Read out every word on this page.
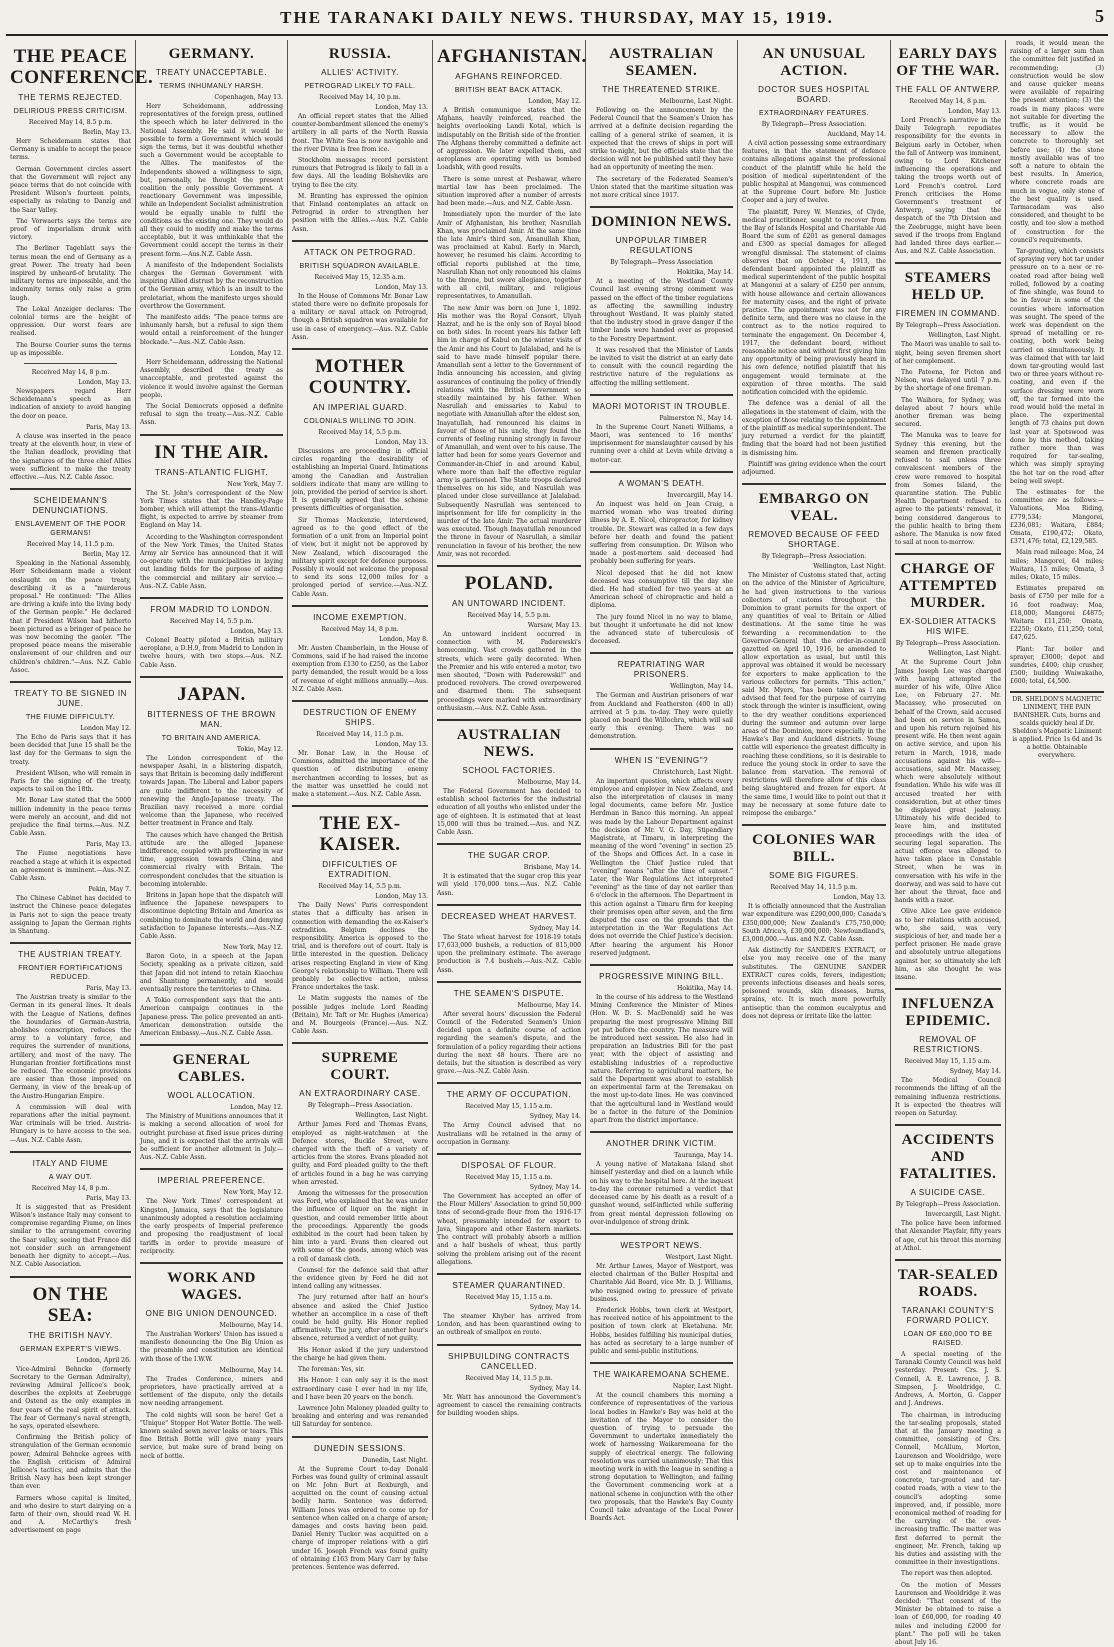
THE TARANAKI DAILY NEWS. THURSDAY, MAY 15, 1919.	5
THE PEACE CONFERENCE.
THE TERMS REJECTED.
DELIRIOUS PRESS CRITICISM.
Received May 14, 8.5 p.m.
Berlin, May 13.

Herr Scheidemann states that Germany is unable to accept the peace terms.

German Government circles assert that the Government will reject any peace terms that do not coincide with President Wilson's fourteen points, especially as relating to Danzig and the Saar Valley.

The Vorwaerts says the terms are proof of imperialism drunk with victory.

The Berliner Tageblatt says the terms mean the end of Germany as a great Power. The treaty had been inspired by unheard-of brutality. The military terms are impossible, and the indemnity terms only raise a grim laugh.

The Lokal Anzeiger declares: The colonial terms are the height of oppression. Our worst fears are realised.

The Bourse Courier sums the terms up as impossible.

Received May 14, 8 p.m.
London, May 13.

Newspapers regard Herr Scheidemann's speech as an indication of anxiety to avoid hanging the door on peace.

Paris, May 13.

A clause was inserted in the peace treaty at the eleventh hour, in view of the Italian deadlock, providing that the signatures of the three chief Allies were sufficient to make the treaty effective.—Aus. N.Z. Cable Assoc.

SCHEIDEMANN'S DENUNCIATIONS.
ENSLAVEMENT OF THE POOR GERMANS!
Received May 14, 11.5 p.m.
Berlin, May 12.

Speaking in the National Assembly, Herr Scheidemann made a violent onslaught on the peace treaty, describing it as a "murderous proposal." He continued: "The Allies are driving a knife into the living body of the German people." He declared that if President Wilson had hitherto been pictured as a bringer of peace he was now becoming the gaoler. "The proposed peace means the miserable enslavement of our children and our children's children."—Aus. N.Z. Cable Assoc.

TREATY TO BE SIGNED IN JUNE.
THE FIUME DIFFICULTY.
London May 12.

The Echo de Paris says that it has been decided that June 15 shall be the last day for the Germans to sign the treaty.

President Wilson, who will remain in Paris for the signing of the treaty, expects to sail on the 18th.

Mr. Bonar Law stated that the 5000 million indemnity in the peace terms were merely an account, and did not prejudice the final terms.—Aus. N.Z. Cable Assn.

Paris, May 13.

The Fiume negotiations have reached a stage at which it is expected an agreement is imminent.—Aus.-N.Z. Cable Assn.

Pekin, May 7.

The Chinese Cabinet has decided to instruct the Chinese peace delegates in Paris not to sign the peace treaty assigning to Japan the German rights in Shantung.

THE AUSTRIAN TREATY.
FRONTIER FORTIFICATIONS REDUCED.
Paris, May 13.

The Austrian treaty is similar to the German in its general lines. It deals with the League of Nations, defines the boundaries of German-Austria, abolishes conscription, reduces the army to a voluntary force, and requires the surrender of munitions, artillery, and most of the navy. The Hungarian frontier fortifications must be reduced. The economic provisions are easier than those imposed on Germany, in view of the break-up of the Austro-Hungarian Empire.

A commission will deal with reparations after the initial payment. War criminals will be tried. Austria-Hungary is to have access to the sea.—Aus. N.Z. Cable Assn.

ITALY AND FIUME
A WAY OUT.
Received May 14, 8 p.m.
Paris, May 13.

It is suggested that as President Wilson's instance Italy may consent to compromise regarding Fiume, on lines similar to the arrangement covering the Saar valley, seeing that France did not consider such an arrangement beneath her dignity to accept.—Aus. N.Z. Cable Association.

ON THE SEA:
THE BRITISH NAVY.
GERMAN EXPERT'S VIEWS.
London, April 26.

Vice-Admiral Behncke (formerly Secretary to the German Admiralty), reviewing Admiral Jellicoe's book, describes the exploits at Zeebrugge and Ostend as the only examples in four years of the real spirit of attack. The fear of Germany's naval strength, he says, operated elsewhere.

Confirming the British policy of strangulation of the German economic power, Admiral Behncke agrees with the English criticism of Admiral Jellicoe's tactics, and admits that the British Navy has been kept stronger than ever.

Farmers whose capital is limited, and who desire to start dairying on a farm of their own, should read W. H. and A. McCarthy's fresh advertisement on page

GERMANY.
TREATY UNACCEPTABLE.
TERMS INHUMANLY HARSH.
Copenhagen, May 13.

Herr Scheidemann, addressing representatives of the foreign press, outlined the speech which he later delivered in the National Assembly. He said it would be possible to form a Government which would sign the terms, but it was doubtful whether such a Government would be acceptable to the Allies. The manifestos of the Independents showed a willingness to sign, but, personally, he thought the present coalition the only possible Government. A reactionary Government was impossible, while an Independent Socialist administration would be equally unable to fulfil the conditions as the existing one. They would do all they could to modify and make the terms acceptable, but it was unthinkable that the Government could accept the terms in their present form.—Aus.N.Z. Cable Assn.

A manifesto of the Independent Socialists charges the German Government with inspiring Allied distrust by the reconstruction of the German army, which is an insult to the proletariat, whom the manifesto urges should overthrow the Government.

The manifesto adds: "The peace terms are inhumanly harsh, but a refusal to sign them would entail a reinforcement of the hunger blockade."—Aus.-N.Z. Cable Assn.

London, May 12.

Herr Scheidemann, addressing the National Assembly, described the treaty as unacceptable, and protested against the violence it would involve against the German people.

The Social Democrats opposed a definite refusal to sign the treaty.—Aus.-N.Z. Cable Assn.

IN THE AIR.
TRANS-ATLANTIC FLIGHT.
New York, May 7.

The St. John's correspondent of the New York Times states that the Handley-Page bomber, which will attempt the trans-Atlantic flight, is expected to arrive by steamer from England on May 14.

According to the Washington correspondent of the New York Times, the United States Army air Service has announced that it will co-operate with the municipalities in laying out landing fields for the purpose of aiding the commercial and military air service.—Aus.-N.Z. Cable Assn.

FROM MADRID TO LONDON.
Received May 14, 5.5 p.m.
London, May 13.

Colonel Beatty piloted a British military aeroplane, a D.H.9, from Madrid to London in twelve hours, with two stops.—Aus. N.Z. Cable Assn.

JAPAN.
BITTERNESS OF THE BROWN MAN.
TO BRITAIN AND AMERICA.
Tokio, May 12.

The London correspondent of the newspaper Asahi, in a blistering dispatch, says that Britain is becoming daily indifferent towards Japan. The Liberal and Labor papers are quite indifferent to the necessity of renewing the Anglo-Japanese treaty. The Brazilian navy received a more cordial welcome than the Japanese, who received better treatment in France and Italy.

The causes which have changed the British attitude are the alleged Japanese indifference, coupled with profiteering in war time, aggression towards China, and commercial rivalry with Britain. The correspondent concludes that the situation is becoming intolerable.

Britons in Japan hope that the dispatch will influence the Japanese newspapers to discontinue depicting Britain and America as combining to dominate the world and denying satisfaction to Japanese interests.—Aus.-N.Z. Cable Assn.

New York, May 12.

Baron Goto, in a speech at the Japan Society, speaking as a private citizen, said that Japan did not intend to retain Kiaochau and Shantung permanently, and would eventually restore the territories to China.

A Tokio correspondent says that the anti-American campaign continues in the Japanese press. The police prevented an anti-American demonstration outside the American Embassy.—Aus.-N.Z. Cable Assn.

GENERAL CABLES.
WOOL ALLOCATION.
London, May 12.

The Ministry of Munitions announces that it is making a second allocation of wool for outright purchase at fixed issue prices during June, and it is expected that the arrivals will be sufficient for another allotment in July.—Aus.-N.Z. Cable Assn.

IMPERIAL PREFERENCE.
New York, May 12.

The New York Times' correspondent at Kingston, Jamaica, says that the legislature unanimously adopted a resolution acclaiming the early prospects of Imperial preference and proposing the readjustment of local tariffs in order to provide measure of reciprocity.

WORK AND WAGES.
ONE BIG UNION DENOUNCED.
Melbourne, May 14.

The Australian Workers' Union has issued a manifesto denouncing the One Big Union as the preamble and constitution are identical with those of the I.W.W.

Melbourne, May 14.

The Trades Conference, miners and proprietors, have practically arrived at a settlement of the dispute, only the details now needing arrangement.

The cold nights will soon be here! Get a "Unique" Stopper Hot Water Bottle. The well-known sealed sewn never leaks or tears. This fine British Bottle will give many years service, but make sure of brand being on neck of bottle.

RUSSIA.
ALLIES' ACTIVITY.
PETROGRAD LIKELY TO FALL.
Received May 14, 10 p.m.
London, May 13.

An official report states that the Allied counter-bombardment silenced the enemy's artillery in all parts of the North Russia front. The White Sea is now navigable and the river Dvina is free from ice.

Stockholm messages record persistent rumours that Petrograd is likely to fall in a few days. All the leading Bolsheviks are trying to flee the city.

M. Branting has expressed the opinion that Finland contemplates an attack on Petrograd in order to strengthen her position with the Allies.—Aus. N.Z. Cable Assn.

ATTACK ON PETROGRAD.
BRITISH SQUADRON AVAILABLE.
Received May 15, 12.35 a.m.
London, May 13.

In the House of Commons Mr. Bonar Law stated there were no definite proposals for a military or naval attack on Petrograd, though a British squadron was available for use in case of emergency.—Aus. N.Z. Cable Assn.

MOTHER COUNTRY.
AN IMPERIAL GUARD.
COLONIALS WILLING TO JOIN.
Received May 14, 5.5 p.m.
London, May 13.

Discussions are proceeding in official circles regarding the desirability of establishing an Imperial Guard. Intimations among the Canadian and Australian soldiers indicate that many are willing to join, provided the period of service is short. It is generally agreed that the scheme presents difficulties of organisation.

Sir Thomas Mackenzie, interviewed, agreed as to the good effect of the formation of a unit from an Imperial point of view, but it might not be approved by New Zealand, which discouraged the military spirit except for defence purposes. Possibly it would not welcome the proposal to send its sons 12,000 miles for a prolonged period of service.—Aus.-N.Z. Cable Assn.

INCOME EXEMPTION.
Received May 14, 8 p.m.
London, May 8.

Mr. Austen Chamberlain, in the House of Commons, said if he had raised the income exemption from £130 to £250, as the Labor party demanded, the result would be a loss of revenue of eight millions annually.—Aus. N.Z. Cable Assn.

DESTRUCTION OF ENEMY SHIPS.
Received May 14, 11.5 p.m.
London, May 13.

Mr. Bonar Law, in the House of Commons, admitted the importance of the question of distributing enemy merchantmen according to losses, but as the matter was unsettled he could not make a statement.—Aus. N.Z. Cable Assn.

THE EX-KAISER.
DIFFICULTIES OF EXTRADITION.
Received May 14, 5.5 p.m.
London, May 13.

The Daily News' Paris correspondent states that a difficulty has arisen in connection with demanding the ex-Kaiser's extradition. Belgium declines the responsibility. America is opposed to the trial, and is therefore out of court. Italy is little interested in the question. Delicacy arises respecting England in view of King George's relationship to William. There will probably be collective action, unless France undertakes the task.

Le Matin suggests the names of the possible judges include Lord Reading (Britain), Mr. Taft or Mr. Hughes (America) and M. Bourgeois (France).—Aus. N.Z. Cable Assn.

SUPREME COURT.
AN EXTRAORDINARY CASE.
By Telegraph—Press Association.
Wellington, Last Night.

Arthur James Ford and Thomas Evans, employed as night-watchmen at the Defence stores, Buckle Street, were charged with the theft of a variety of articles from the stores. Evans pleaded not guilty, and Ford pleaded guilty to the theft of articles found in a bag he was carrying when arrested.

Among the witnesses for the prosecution was Ford, who explained that he was under the influence of liquor on the night in question, and could remember little about the proceedings. Apparently the goods exhibited in the court had been taken by him into a yard. Evans then cleared out with some of the goods, among which was a roll of damask cloth.

Counsel for the defence said that after the evidence given by Ford he did not intend calling any witnesses.

The jury returned after half an hour's absence and asked the Chief Justice whether an accomplice in a case of theft could be held guilty. His Honor replied affirmatively. The jury, after another hour's absence, returned a verdict of not guilty.

His Honor asked if the jury understood the charge he had given them.

The foreman: Yes, sir.

His Honor: I can only say it is the most extraordinary case I ever had in my life, and I have been 20 years on the bench.

Lawrence John Maloney pleaded guilty to breaking and entering and was remanded till Saturday for sentence.

DUNEDIN SESSIONS.
Dunedin, Last Night.

At the Supreme Court to-day Donald Forbes was found guilty of criminal assault on Mr. John Burt at Roxburgh, and acquitted on the count of causing actual bodily harm. Sentence was deferred. William Jones was ordered to come up for sentence when called on a charge of arson; damages and costs having been paid. Daniel Henry Tucker was acquitted on a charge of improper relations with a girl under 16. Joseph French was found guilty of obtaining £163 from Mary Carr by false pretences. Sentence was deferred.

AFGHANISTAN.
AFGHANS REINFORCED.
BRITISH BEAT BACK ATTACK.
London, May 12.

A British communique states that the Afghans, heavily reinforced, reached the heights overlooking Landi Kotal, which is indisputably on the British side of the frontier. The Afghans thereby committed a definite act of aggression. We later expelled them, and aeroplanes are operating with us bombed Loadshk, with good results.

There is some unrest at Peshawar, where martial law has been proclaimed. The situation improved after a number of arrests had been made.—Aus. and N.Z. Cable Assn.

Immediately upon the murder of the late Amir of Afghanistan, his brother, Nasrullah Khan, was proclaimed Amir. At the same time the late Amir's third son, Amanullah Khan, was proclaimed at Kabul. Early in March, however, he resumed his claim. According to official reports published at the time, Nasrullah Khan not only renounced his claims to the throne, but swore allegiance, together with all civil, military, and religious representatives, to Amanullah.

The new Amir was born on June 1, 1892. His mother was the Royal Consort, Ulyah Hazrat, and he is the only son of Royal blood on both sides. In recent years his father left him in charge of Kabul on the winter visits of the Amir and his Court to Jalalabad, and he is said to have made himself popular there. Amanullah sent a letter to the Government of India announcing his accession, and giving assurances of continuing the policy of friendly relations with the British Government so steadily maintained by his father. When Nasrullah and emissaries to Kabul to negotiate with Amanullah after the eldest son, Inayatullah, had renounced his claims in favour of those of his uncle, they found the currents of feeling running strongly in favour of Amanullah, and went over to his cause. The latter had been for some years Governor and Commander-in-Chief in and around Kabul, where more than half the effective regular army is garrisoned. The State troops declared themselves on his side, and Nasrullah was placed under close surveillance at Jalalabad. Subsequently Nasrullah was sentenced to imprisonment for life for complicity in the murder of the late Amir. The actual murderer was executed. Though Inayatullah renounced the throne in favour of Nasrullah, a similar renunciation in favour of his brother, the new Amir, was not recorded.

POLAND.
AN UNTOWARD INCIDENT.
Received May 14, 5.5 p.m.
Warsaw, May 13.

An untoward incident occurred in connection with M. Paderewski's homecoming. Vast crowds gathered in the streets, which were gaily decorated. When the Premier and his wife entered a motor, two men shouted, "Down with Paderewski!" and produced revolvers. The crowd overpowered and disarmed them. The subsequent proceedings were marked with extraordinary enthusiasm.—Aus. N.Z. Cable Assn.

AUSTRALIAN NEWS.
SCHOOL FACTORIES.
Melbourne, May 14.

The Federal Government has decided to establish school factories for the industrial education of all youths who enlisted under the age of eighteen. It is estimated that at least 15,000 will thus be trained.—Aus. and N.Z. Cable Assn.

THE SUGAR CROP.
Brisbane, May 14.

It is estimated that the sugar crop this year will yield 170,000 tons.—Aus. N.Z. Cable Assn.

DECREASED WHEAT HARVEST.
Sydney, May 14.

The State wheat harvest for 1918-19 totals 17,633,000 bushels, a reduction of 815,000 upon the preliminary estimate. The average production is 7.4 bushels.—Aus.-N.Z. Cable Assn.

THE SEAMEN'S DISPUTE.
Melbourne, May 14.

After several hours' discussion the Federal Council of the Federated Seamen's Union decided upon a definite course of action regarding the seamen's dispute, and the formulation of a policy regarding their actions during the next 48 hours. There are no details, but the situation is described as very grave.—Aus.-N.Z. Cable Assn.

THE ARMY OF OCCUPATION.
Received May 15, 1.15 a.m.
Sydney, May 14.

The Army Council advised that no Australians will be retained in the army of occupation in Germany.

DISPOSAL OF FLOUR.
Received May 15, 1.15 a.m.
Sydney, May 14.

The Government has accepted an offer of the Flour Millers' Association to grind 50,000 tons of second-grade flour from the 1916-17 wheat, presumably intended for export to Java, Singapore and other Eastern markets. The contract will probably absorb a million and a half bushels of wheat, thus partly solving the problem arising out of the recent allegations.

STEAMER QUARANTINED.
Received May 15, 1.15 a.m.
Sydney, May 14.

The steamer Khyber has arrived from London, and has been quarantined owing to an outbreak of smallpox en route.

SHIPBUILDING CONTRACTS CANCELLED.
Received May 14, 11.5 p.m.
Sydney, May 14.

Mr. Watt has announced the Government's agreement to cancel the remaining contracts for building wooden ships.

AUSTRALIAN SEAMEN.
THE THREATENED STRIKE.
Melbourne, Last Night.

Following on the announcement by the Federal Council that the Seamen's Union has arrived at a definite decision regarding the calling of a general strike of seamen, it is expected that the crews of ships in port will strike to-night, but the officials state that the decision will not be published until they have had an opportunity of meeting the men.

The secretary of the Federated Seamen's Union stated that the maritime situation was not more critical since 1917.

DOMINION NEWS.
UNPOPULAR TIMBER REGULATIONS
By Telegraph—Press Association
Hokitika, May 14.

At a meeting of the Westland County Council last evening strong comment was passed on the effect of the timber regulations as affecting the sawmilling industry throughout Westland. It was plainly stated that the industry stood in grave danger if the timber lands were handed over as proposed to the Forestry Department.

It was resolved that the Minister of Lands be invited to visit the district at an early date to consult with the council regarding the restrictive nature of the regulations as affecting the milling settlement.

MAORI MOTORIST IN TROUBLE.
Palmerston N., May 14.

In the Supreme Court Naneti Williams, a Maori, was sentenced to 16 months' imprisonment for manslaughter caused by his running over a child at Levin while driving a motor-car.

A WOMAN'S DEATH.
Invercargill, May 14.

An inquest was held on Jean Craig, a married woman who was treated during illness by A. E. Nicol, chiropractor, for kidney trouble. Dr. Stewart was called in a few days before her death and found the patient suffering from consumption. Dr. Wilson who made a post-mortem said deceased had probably been suffering for years.

Nicol deposed that he did not know deceased was consumptive till the day she died. He had studied for two years at an American school of chiropractic and held a diploma.

The jury found Nicol in no way to blame, but thought it unfortunate he did not know the advanced state of tuberculosis of deceased.

REPATRIATING WAR PRISONERS.
Wellington, May 14.

The German and Austrian prisoners of war from Auckland and Featherston (400 in all) arrived at 5 p.m. to-day. They were quietly placed on board the Willochra, which will sail early this evening. There was no demonstration.

WHEN IS "EVENING"?
Christchurch, Last Night.

An important question, which affects every employee and employer in New Zealand, and also the interpretation of clauses in many legal documents, came before Mr. Justice Herdman in Banco this morning. An appeal was made by the Labour Department against the decision of Mr. V. G. Day, Stipendiary Magistrate, at Timaru, in interpreting the meaning of the word "evening" in section 25 of the Shops and Offices Act. In a case in Wellington the Chief Justice ruled that "evening" means "after the time of sunset." Later, the War Regulations Act interpreted "evening" as the time of day not earlier than 6 o'clock in the afternoon. The Department in this action against a Timaru firm for keeping their premises open after seven, and the firm disputed the case on the grounds that the interpretation in the War Regulations Act does not override the Chief Justice's decision. After hearing the argument his Honor reserved judgment.

PROGRESSIVE MINING BILL.
Hokitika, May 14.

In the course of his address to the Westland Mining Conference the Minister of Mines (Hon. W. D. S. MacDonald) said he was preparing the most progressive Mining Bill yet put before the country. The measure will be introduced next session. He also had in preparation an Industries Bill for the past year, with the object of assisting and establishing industries of a reproductive nature. Referring to agricultural matters, he said the Department was about to establish an experimental farm at the Teremakau on the most up-to-date lines. He was convinced that the agricultural land in Westland would be a factor in the future of the Dominion apart from the district importance.

ANOTHER DRINK VICTIM.
Tauranga, May 14.

A young native of Matakana Island shot himself yesterday and died on a launch while on his way to the hospital here. At the inquest to-day the coroner returned a verdict that deceased came by his death as a result of a gunshot wound, self-inflicted while suffering from great mental depression following on over-indulgence of strong drink.

WESTPORT NEWS.
Westport, Last Night.

Mr. Arthur Lawes, Mayor of Westport, was elected chairman of the Buller Hospital and Charitable Aid Board, vice Mr. D. J. Williams, who resigned owing to pressure of private business.

Frederick Hobbs, town clerk at Westport, has received notice of his appointment to the position of town clerk at Eketahuna. Mr. Hobbs, besides fulfilling his municipal duties, has acted as secretary to a large number of public and semi-public institutions.

THE WAIKAREMOANA SCHEME.
Napier, Last Night.

At the council chambers this morning a conference of representatives of the various local bodies in Hawke's Bay was held at the invitation of the Mayor to consider the question of trying to persuade the Government to undertake immediately the work of harnessing Waikaremoana for the supply of electrical energy. The following resolution was carried unanimously: That this meeting work in with the league in sending a strong deputation to Wellington, and failing the Government commencing work at a national scheme in conjunction with the other two proposals, that the Hawke's Bay County Council take advantage of the Local Power Boards Act.

AN UNUSUAL ACTION.
DOCTOR SUES HOSPITAL BOARD.
EXTRAORDINARY FEATURES.
By Telegraph—Press Association.
Auckland, May 14.

A civil action possessing some extraordinary features, in that the statement of defence contains allegations against the professional conduct of the plaintiff while he held the position of medical superintendent of the public hospital at Mangonui, was commenced at the Supreme Court before Mr. Justice Cooper and a jury of twelve.

The plaintiff, Percy W. Menzies, of Clyde, medical practitioner, sought to recover from the Bay of Islands Hospital and Charitable Aid Board the sum of £201 as general damages and £300 as special damages for alleged wrongful dismissal. The statement of claims observes that on October 4, 1913, the defendant board appointed the plaintiff as medical superintendent of the public hospital at Mangonui at a salary of £250 per annum, with house allowance and certain allowances for maternity cases, and the right of private practice. The appointment was not for any definite term, and there was no clause in the contract as to the notice required to terminate the engagement. On December 4, 1917, the defendant board, without reasonable notice and without first giving him any opportunity of being previously heard in his own defence, notified plaintiff that his engagement would terminate at the expiration of three months. The said notification coincided with the epidemic.

The defence was a denial of all the allegations in the statement of claim, with the exception of those relating to the appointment of the plaintiff as medical superintendent. The jury returned a verdict for the plaintiff, finding that the board had not been justified in dismissing him.

Plaintiff was giving evidence when the court adjourned.

EMBARGO ON VEAL.
REMOVED BECAUSE OF FEED SHORTAGE.
By Telegraph—Press Association.
Wellington, Last Night.

The Minister of Customs stated that, acting on the advice of the Minister of Agriculture, he had given instructions to the various collectors of customs throughout the Dominion to grant permits for the export of any quantities of veal to Britain or Allied destinations. At the same time he was forwarding a recommendation to the Governor-General that the order-in-council gazetted on April 10, 1916, be amended to allow exportation as usual, but until this approval was obtained it would be necessary for exporters to make application to the various collectors for permits. "This action," said Mr. Myers, "has been taken as I am advised that feed for the purpose of carrying stock through the winter is insufficient, owing to the dry weather conditions experienced during the summer and autumn over large areas of the Dominion, more especially in the Hawke's Bay and Auckland districts. Young cattle will experience the greatest difficulty in reaching these conditions, so it is desirable to reduce the young stock in order to save the balance from starvation. The removal of restrictions will therefore allow of this class being slaughtered and frozen for export. At the same time, I would like to point out that it may be necessary at some future date to reimpose the embargo."

COLONIES WAR BILL.
SOME BIG FIGURES.
Received May 14, 11.5 p.m.
London, May 13.

It is officially announced that the Australian war expenditure was £290,000,000; Canada's £350,000,000; New Zealand's £75,750,000; South Africa's, £30,000,000; Newfoundland's, £3,000,000.—Aus. and N.Z. Cable Assn.

Ask distinctly for SANDER'S EXTRACT, or else you may receive one of the many substitutes. The GENUINE SANDER EXTRACT cures colds, fevers, indigestion; prevents infectious diseases and heals sores, poisoned wounds, skin diseases, burns, sprains, etc. It is much more powerfully antiseptic than the common eucalyptus and does not depress or irritate like the latter.

EARLY DAYS OF THE WAR.
THE FALL OF ANTWERP.
Received May 14, 8 p.m.
London, May 13.

Lord French's narrative in the Daily Telegraph repudiates responsibility for the events in Belgium early in October, when the fall of Antwerp was imminent, owing to Lord Kitchener influencing the operations and taking the troops worth out of Lord French's control. Lord French criticises the Home Government's treatment of Antwerp, saying that the despatch of the 7th Division and the Zeebrugge, might have been saved if the troops from England had landed three days earlier.—Aus. and N.Z. Cable Association.

STEAMERS HELD UP.
FIREMEN IN COMMAND.
By Telegraph—Press Association.
Wellington, Last Night.

The Maori was unable to sail to-night, being seven firemen short of her complement.

The Pateena, for Picton and Nelson, was delayed until 7 p.m. by the shortage of one fireman.

The Waihora, for Sydney, was delayed about 7 hours while another fireman was being secured.

The Manuka was to leave for Sydney this evening, but the seamen and firemen practically refused to sail unless three convalescent members of the crew were removed to hospital from Somes Island, the quarantine station. The Public Health Department refused to agree to the patients' removal, it being considered dangerous to the public health to bring them ashore. The Manuka is now fixed to sail at noon to-morrow.

CHARGE OF ATTEMPTED MURDER.
EX-SOLDIER ATTACKS HIS WIFE.
By Telegraph—Press Association.
Wellington, Last Night.

At the Supreme Court John James Joseph Lee was charged with having attempted the murder of his wife, Olive Alice Lee, on February 27. Mr. Macassey, who prosecuted on behalf of the Crown, said accused had been on service in Samoa, and upon his return rejoined his present wife. He then went again on active service, and upon his return in March, 1918, made accusations against his wife—accusations, said Mr. Macassey, which were absolutely without foundation. While his wife was ill accused treated her with consideration, but at other times he displayed great jealousy. Ultimately his wife decided to leave him, and instituted proceedings with the idea of securing legal separation. The actual offence was alleged to have taken place in Constable Street, when he was in conversation with his wife in the doorway, and was said to have cut her about the throat, face and hands with a razor.

Olive Alice Lee gave evidence as to her relations with accused, who, she said, was very suspicious of her, and made her a perfect prisoner. He made grave and absolutely untrue allegations against her, so ultimately she left him, as she thought he was insane.

INFLUENZA EPIDEMIC.
REMOVAL OF RESTRICTIONS.
Received May 15, 1.15 a.m.
Sydney, May 14.

The Medical Council recommends the lifting of all the remaining influenza restrictions. It is expected the theatres will reopen on Saturday.

ACCIDENTS AND FATALITIES.
A SUICIDE CASE.
By Telegraph—Press Association.
Invercargill, Last Night.

The police have been informed that Alexander Playfair, fifty years of age, cut his throat this morning at Athol.

TAR-SEALED ROADS.
TARANAKI COUNTY'S FORWARD POLICY.
LOAN OF £60,000 TO BE RAISED.

A special meeting of the Taranaki County Council was held yesterday. Present: Crs. J. S. Connell, A. E. Lawrence, J. B. Simpson, J. Wooldridge, C. Andrews, A. Morton, G. Capper and J. Andrews.

The chairman, in introducing the tar-sealing proposals, stated that at the January meeting a committee, consisting of Crs. Connell, McAllum, Morton, Laurenson and Wooldridge, were set up to make enquiries into the cost and maintenance of concrete, tar-grouted and tar-coated roads, with a view to the council's adopting some improved, and, if possible, more economical method of roading for the carrying of the ever-increasing traffic. The matter was first deferred to permit the engineer, Mr. French, taking up his duties and assisting with the committee in their investigations.

The report was then adopted.

On the motion of Messrs Laurenson and Wooldridge it was decided: "That consent of the Minister be obtained to raise a loan of £60,000, for roading 40 miles and including £2000 for plant." The poll will be taken about July 16.

roads, it would mean the raising of a larger sum than the committee felt justified in recommending; (3) construction would be slow and cause quicker means were available of repairing the present attention; (3) the roads in many places were not suitable for diverting the traffic, as it would be necessary to allow the concrete to thoroughly set before use; (4) the stone mostly available was of too soft a nature to obtain the best results. In America, where concrete roads are much in vogue, only stone of the best quality is used. Tarmacadam was also considered, and thought to be costly, and too slow a method of construction for the council's requirements.

Tar-grouting, which consists of spraying very hot tar under pressure on to a new or re-coated road after being well rolled, followed by a coating of fine shingle, was found to be in favour in some of the counties where information was sought. The speed of the work was dependent on the spread of metalling or re-coating, both work being carried on simultaneously. It was claimed that with tar laid down tar-grouting would last two or three years without re-coating, and even if the surface dressing were worn off, the tar formed into the road would hold the metal in place. The experimental length of 73 chains put down last year at Spotswood was done by this method, taking rather more than was required for tar-sealing, which was simply spraying the hot tar on the road after being well swept.

The estimates for the committee are as follows:—Valuations, Moa Riding, £779,534; Mangorei, £236,081; Waitara, £884; Omata, £190,472; Okato, £371,476; total, £2,129,585.

Main road mileage: Moa, 24 miles; Mangorei, 64 miles; Waitara, 15 miles; Omata, 3 miles; Okato, 15 miles.

Estimates prepared on basis of £750 per mile for a 16 foot roadway: Moa, £18,000; Mangorei £4875; Waitara £11,250; Omata, £2250; Okato, £11,250; total, £47,625.

Plant: Tar boiler and sprayer, £3000; depot and sundries, £400; chip crusher, £500; building Waiwakaiho, £600; total, £4,500.

DR. SHELDON'S MAGNETIC LINIMENT, THE PAIN BANISHER. Cuts, burns and scalds quickly heal if Dr. Sheldon's Magnetic Liniment is applied. Price 1s 6d and 3s a bottle. Obtainable everywhere.
